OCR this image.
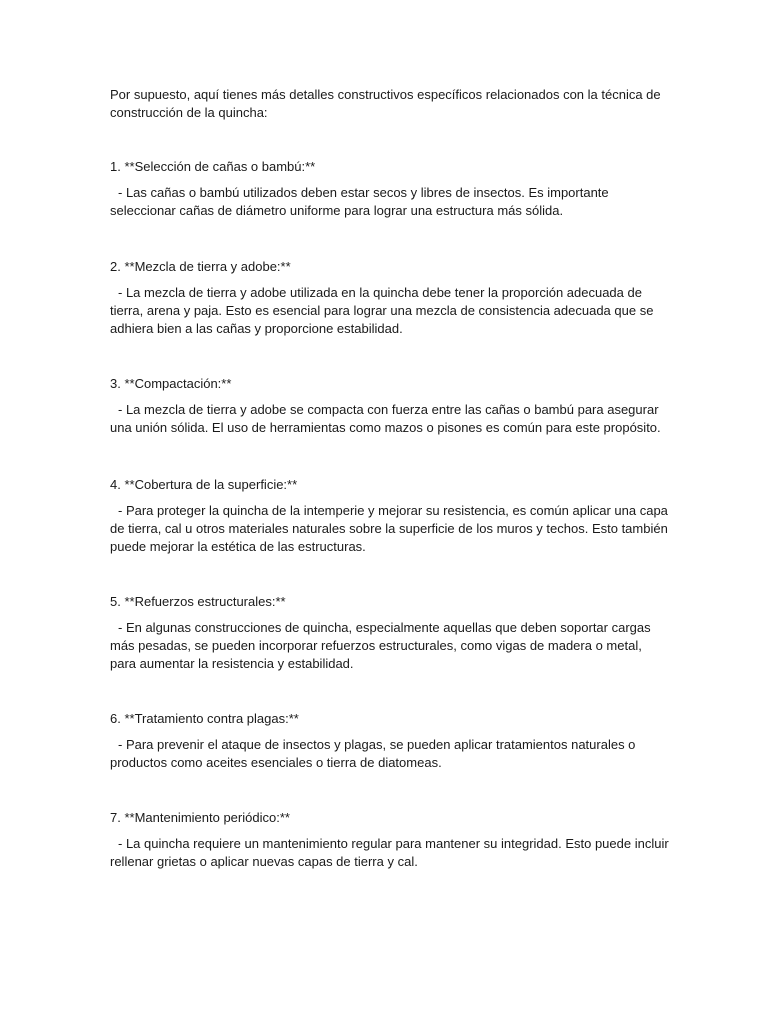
Por supuesto, aquí tienes más detalles constructivos específicos relacionados con la técnica de construcción de la quincha:

1. **Selección de cañas o bambú:**

- Las cañas o bambú utilizados deben estar secos y libres de insectos. Es importante seleccionar cañas de diámetro uniforme para lograr una estructura más sólida.

2. **Mezcla de tierra y adobe:**

- La mezcla de tierra y adobe utilizada en la quincha debe tener la proporción adecuada de tierra, arena y paja. Esto es esencial para lograr una mezcla de consistencia adecuada que se adhiera bien a las cañas y proporcione estabilidad.

3. **Compactación:**

- La mezcla de tierra y adobe se compacta con fuerza entre las cañas o bambú para asegurar una unión sólida. El uso de herramientas como mazos o pisones es común para este propósito.

4. **Cobertura de la superficie:**

- Para proteger la quincha de la intemperie y mejorar su resistencia, es común aplicar una capa de tierra, cal u otros materiales naturales sobre la superficie de los muros y techos. Esto también puede mejorar la estética de las estructuras.

5. **Refuerzos estructurales:**

- En algunas construcciones de quincha, especialmente aquellas que deben soportar cargas más pesadas, se pueden incorporar refuerzos estructurales, como vigas de madera o metal, para aumentar la resistencia y estabilidad.

6. **Tratamiento contra plagas:**

- Para prevenir el ataque de insectos y plagas, se pueden aplicar tratamientos naturales o productos como aceites esenciales o tierra de diatomeas.

7. **Mantenimiento periódico:**

- La quincha requiere un mantenimiento regular para mantener su integridad. Esto puede incluir rellenar grietas o aplicar nuevas capas de tierra y cal.
